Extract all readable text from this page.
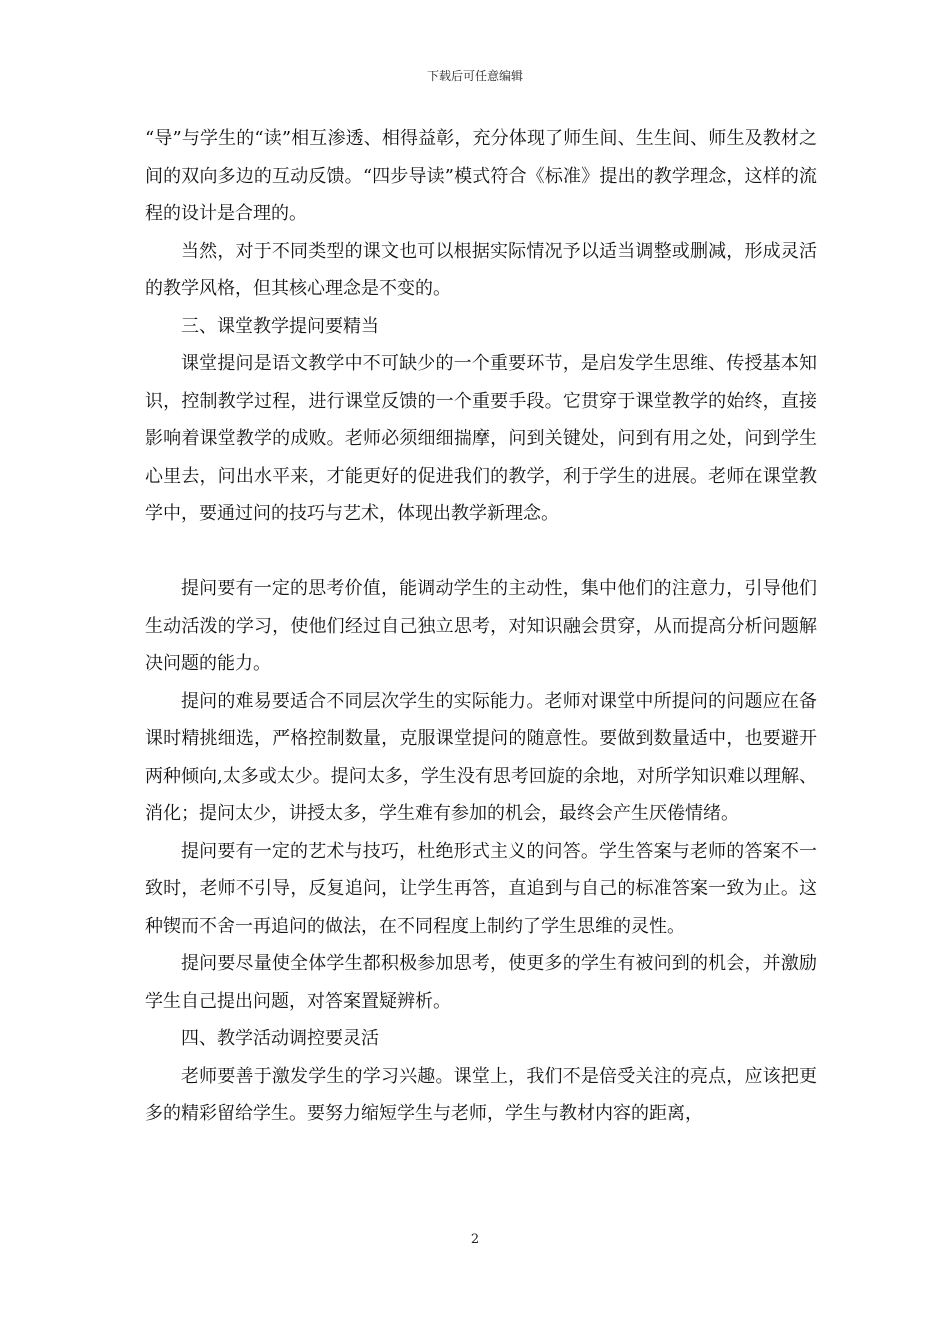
下载后可任意编辑

“导”与学生的“读”相互渗透、相得益彰，充分体现了师生间、生生间、师生及教材之间的双向多边的互动反馈。“四步导读”模式符合《标准》提出的教学理念，这样的流程的设计是合理的。

当然，对于不同类型的课文也可以根据实际情况予以适当调整或删减，形成灵活的教学风格，但其核心理念是不变的。

三、课堂教学提问要精当

课堂提问是语文教学中不可缺少的一个重要环节，是启发学生思维、传授基本知识，控制教学过程，进行课堂反馈的一个重要手段。它贯穿于课堂教学的始终，直接影响着课堂教学的成败。老师必须细细揣摩，问到关键处，问到有用之处，问到学生心里去，问出水平来，才能更好的促进我们的教学，利于学生的进展。老师在课堂教学中，要通过问的技巧与艺术，体现出教学新理念。

提问要有一定的思考价值，能调动学生的主动性，集中他们的注意力，引导他们生动活泼的学习，使他们经过自己独立思考，对知识融会贯穿，从而提高分析问题解决问题的能力。

提问的难易要适合不同层次学生的实际能力。老师对课堂中所提问的问题应在备课时精挑细选，严格控制数量，克服课堂提问的随意性。要做到数量适中，也要避开两种倾向,太多或太少。提问太多，学生没有思考回旋的余地，对所学知识难以理解、消化；提问太少，讲授太多，学生难有参加的机会，最终会产生厌倦情绪。

提问要有一定的艺术与技巧，杜绝形式主义的问答。学生答案与老师的答案不一致时，老师不引导，反复追问，让学生再答，直追到与自己的标准答案一致为止。这种锲而不舍一再追问的做法，在不同程度上制约了学生思维的灵性。

提问要尽量使全体学生都积极参加思考，使更多的学生有被问到的机会，并激励学生自己提出问题，对答案置疑辨析。

四、教学活动调控要灵活

老师要善于激发学生的学习兴趣。课堂上，我们不是倍受关注的亮点，应该把更多的精彩留给学生。要努力缩短学生与老师，学生与教材内容的距离，

2
